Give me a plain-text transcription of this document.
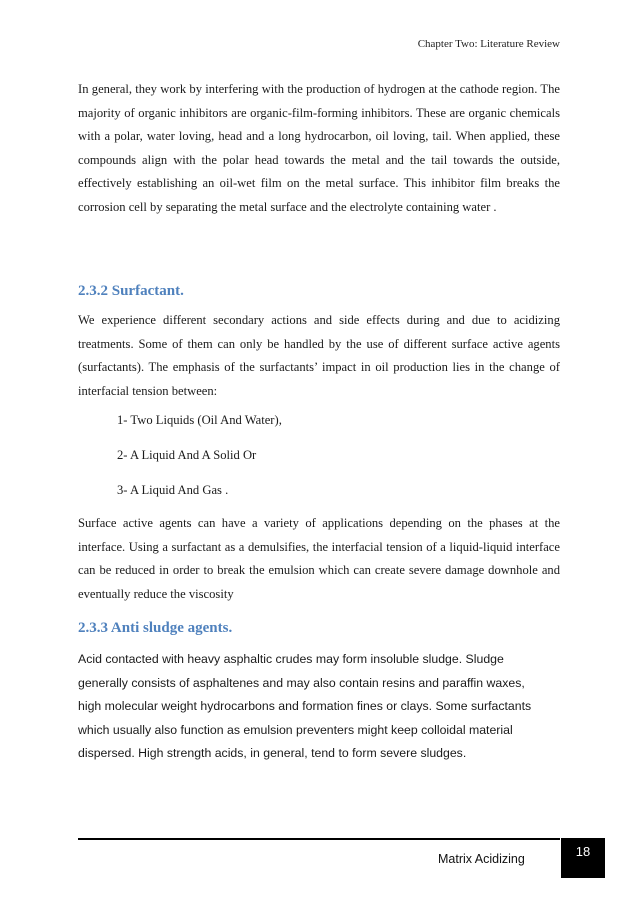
Chapter Two: Literature Review

In general, they work by interfering with the production of hydrogen at the cathode region. The majority of organic inhibitors are organic-film-forming inhibitors. These are organic chemicals with a polar, water loving, head and a long hydrocarbon, oil loving, tail. When applied, these compounds align with the polar head towards the metal and the tail towards the outside, effectively establishing an oil-wet film on the metal surface. This inhibitor film breaks the corrosion cell by separating the metal surface and the electrolyte containing water .

2.3.2 Surfactant.

We experience different secondary actions and side effects during and due to acidizing treatments. Some of them can only be handled by the use of different surface active agents (surfactants). The emphasis of the surfactants’ impact in oil production lies in the change of interfacial tension between:

1- Two Liquids (Oil And Water),
2- A Liquid And A Solid Or
3- A Liquid And Gas .

Surface active agents can have a variety of applications depending on the phases at the interface. Using a surfactant as a demulsifies, the interfacial tension of a liquid-liquid interface can be reduced in order to break the emulsion which can create severe damage downhole and eventually reduce the viscosity

2.3.3 Anti sludge agents.

Acid contacted with heavy asphaltic crudes may form insoluble sludge. Sludge generally consists of asphaltenes and may also contain resins and paraffin waxes, high molecular weight hydrocarbons and formation fines or clays. Some surfactants which usually also function as emulsion preventers might keep colloidal material dispersed. High strength acids, in general, tend to form severe sludges.

Matrix Acidizing	18
